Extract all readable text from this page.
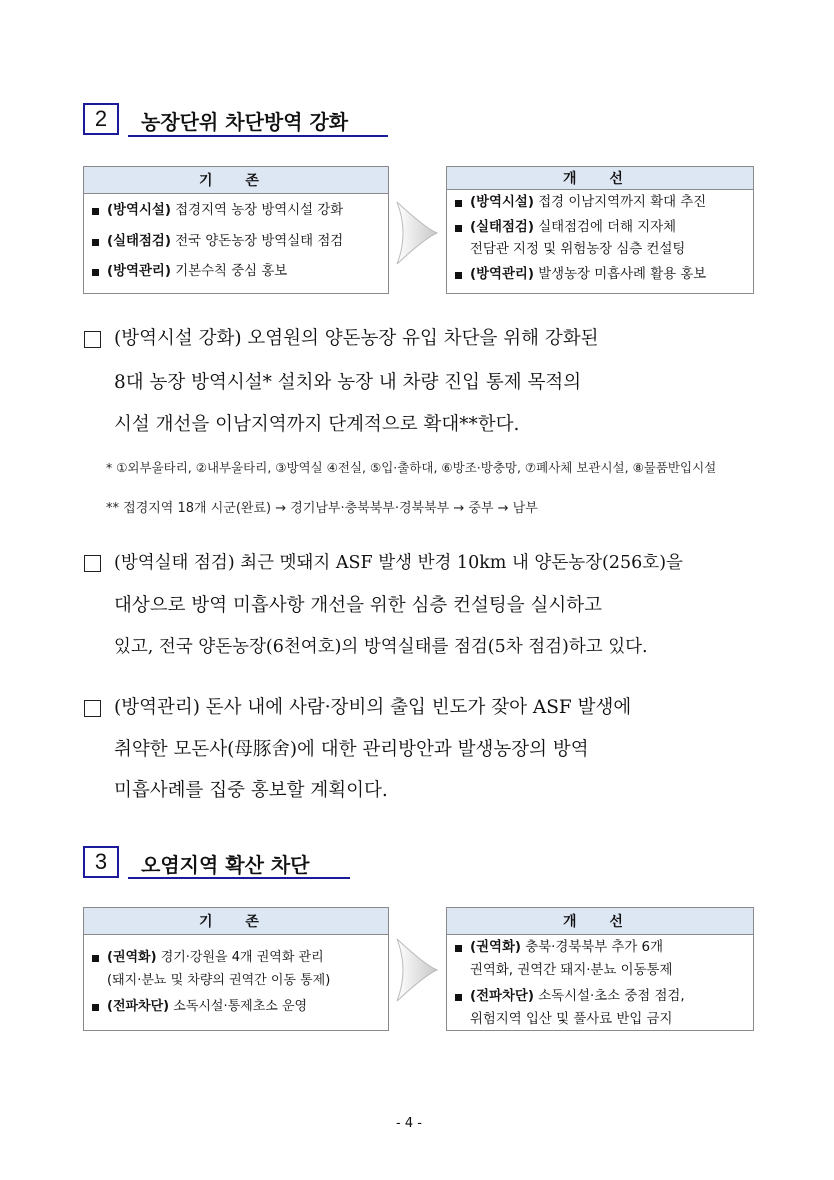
2	농장단위 차단방역 강화
기 존
(방역시설) 접경지역 농장 방역시설 강화
(실태점검) 전국 양돈농장 방역실태 점검
(방역관리) 기본수칙 중심 홍보
개 선
(방역시설) 접경 이남지역까지 확대 추진
(실태점검) 실태점검에 더해 지자체
전담관 지정 및 위험농장 심층 컨설팅
(방역관리) 발생농장 미흡사례 활용 홍보
(방역시설 강화) 오염원의 양돈농장 유입 차단을 위해 강화된
8대 농장 방역시설* 설치와 농장 내 차량 진입 통제 목적의
시설 개선을 이남지역까지 단계적으로 확대**한다.
* ①외부울타리, ②내부울타리, ③방역실 ④전실, ⑤입·출하대, ⑥방조·방충망, ⑦폐사체 보관시설, ⑧물품반입시설
** 접경지역 18개 시군(완료) → 경기남부·충북북부·경북북부 → 중부 → 남부
(방역실태 점검) 최근 멧돼지 ASF 발생 반경 10km 내 양돈농장(256호)을
대상으로 방역 미흡사항 개선을 위한 심층 컨설팅을 실시하고
있고, 전국 양돈농장(6천여호)의 방역실태를 점검(5차 점검)하고 있다.
(방역관리) 돈사 내에 사람·장비의 출입 빈도가 잦아 ASF 발생에
취약한 모돈사(母豚舍)에 대한 관리방안과 발생농장의 방역
미흡사례를 집중 홍보할 계획이다.
3	오염지역 확산 차단
기 존
(권역화) 경기·강원을 4개 권역화 관리
(돼지·분뇨 및 차량의 권역간 이동 통제)
(전파차단) 소독시설·통제초소 운영
개 선
(권역화) 충북·경북북부 추가 6개
권역화, 권역간 돼지·분뇨 이동통제
(전파차단) 소독시설·초소 중점 점검,
위험지역 입산 및 풀사료 반입 금지
- 4 -
